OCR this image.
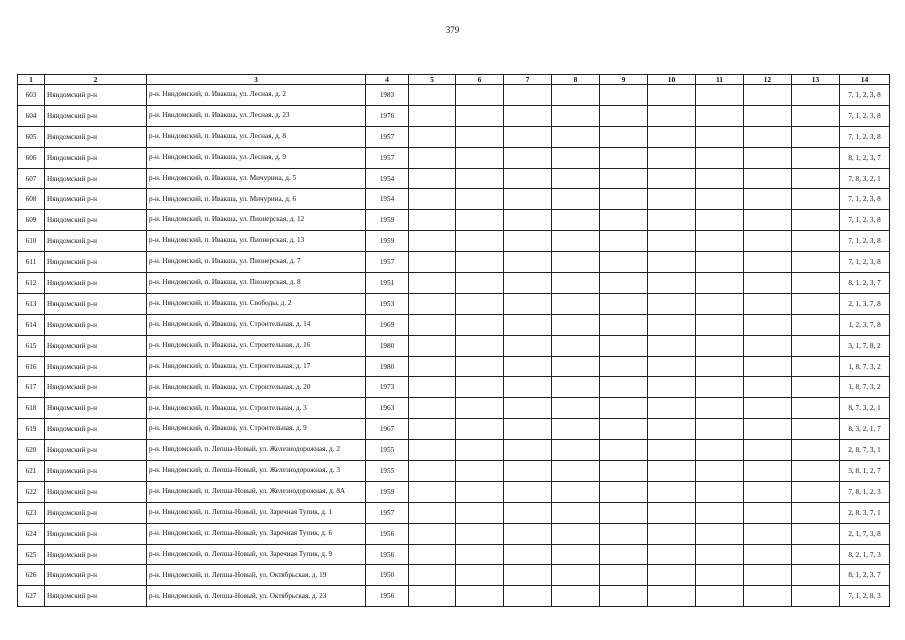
379
1	2	3	4	5	6	7	8	9	10	11	12	13	14
603	Няндомский р-н	р-н. Няндомский, п. Ивакша, ул. Лесная, д. 2	1983										7, 1, 2, 3, 8
604	Няндомский р-н	р-н. Няндомский, п. Ивакша, ул. Лесная, д. 23	1976										7, 1, 2, 3, 8
605	Няндомский р-н	р-н. Няндомский, п. Ивакша, ул. Лесная, д. 8	1957										7, 1, 2, 3, 8
606	Няндомский р-н	р-н. Няндомский, п. Ивакша, ул. Лесная, д. 9	1957										8, 1, 2, 3, 7
607	Няндомский р-н	р-н. Няндомский, п. Ивакша, ул. Мичурина, д. 5	1954										7, 8, 3, 2, 1
608	Няндомский р-н	р-н. Няндомский, п. Ивакша, ул. Мичурина, д. 6	1954										7, 1, 2, 3, 8
609	Няндомский р-н	р-н. Няндомский, п. Ивакша, ул. Пионерская, д. 12	1959										7, 1, 2, 3, 8
610	Няндомский р-н	р-н. Няндомский, п. Ивакша, ул. Пионерская, д. 13	1959										7, 1, 2, 3, 8
611	Няндомский р-н	р-н. Няндомский, п. Ивакша, ул. Пионерская, д. 7	1957										7, 1, 2, 3, 8
612	Няндомский р-н	р-н. Няндомский, п. Ивакша, ул. Пионерская, д. 8	1951										8, 1, 2, 3, 7
613	Няндомский р-н	р-н. Няндомский, п. Ивакша, ул. Свободы, д. 2	1953										2, 1, 3, 7, 8
614	Няндомский р-н	р-н. Няндомский, п. Ивакша, ул. Строительная, д. 14	1969										1, 2, 3, 7, 8
615	Няндомский р-н	р-н. Няндомский, п. Ивакша, ул. Строительная, д. 16	1980										3, 1, 7, 8, 2
616	Няндомский р-н	р-н. Няндомский, п. Ивакша, ул. Строительная, д. 17	1980										1, 8, 7, 3, 2
617	Няндомский р-н	р-н. Няндомский, п. Ивакша, ул. Строительная, д. 20	1973										1, 8, 7, 3, 2
618	Няндомский р-н	р-н. Няндомский, п. Ивакша, ул. Строительная, д. 3	1963										8, 7, 3, 2, 1
619	Няндомский р-н	р-н. Няндомский, п. Ивакша, ул. Строительная, д. 9	1967										8, 3, 2, 1, 7
620	Няндомский р-н	р-н. Няндомский, п. Лепша-Новый, ул. Железнодорожная, д. 2	1955										2, 8, 7, 3, 1
621	Няндомский р-н	р-н. Няндомский, п. Лепша-Новый, ул. Железнодорожная, д. 3	1955										3, 8, 1, 2, 7
622	Няндомский р-н	р-н. Няндомский, п. Лепша-Новый, ул. Железнодорожная, д. 8А	1959										7, 8, 1, 2, 3
623	Няндомский р-н	р-н. Няндомский, п. Лепша-Новый, ул. Заречная Тупик, д. 1	1957										2, 8, 3, 7, 1
624	Няндомский р-н	р-н. Няндомский, п. Лепша-Новый, ул. Заречная Тупик, д. 6	1956										2, 1, 7, 3, 8
625	Няндомский р-н	р-н. Няндомский, п. Лепша-Новый, ул. Заречная Тупик, д. 9	1956										8, 2, 1, 7, 3
626	Няндомский р-н	р-н. Няндомский, п. Лепша-Новый, ул. Октябрьская, д. 19	1950										8, 1, 2, 3, 7
627	Няндомский р-н	р-н. Няндомский, п. Лепша-Новый, ул. Октябрьская, д. 23	1956										7, 1, 2, 8, 3
